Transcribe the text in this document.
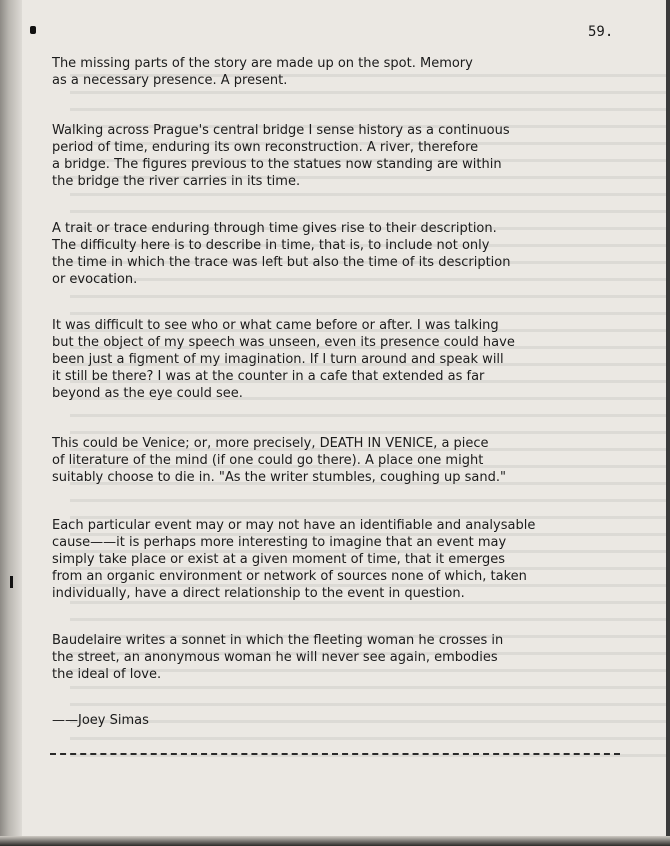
59.

The missing parts of the story are made up on the spot. Memory
as a necessary presence. A present.

Walking across Prague's central bridge I sense history as a continuous
period of time, enduring its own reconstruction. A river, therefore
a bridge. The figures previous to the statues now standing are within
the bridge the river carries in its time.

A trait or trace enduring through time gives rise to their description.
The difficulty here is to describe in time, that is, to include not only
the time in which the trace was left but also the time of its description
or evocation.

It was difficult to see who or what came before or after. I was talking
but the object of my speech was unseen, even its presence could have
been just a figment of my imagination. If I turn around and speak will
it still be there? I was at the counter in a cafe that extended as far
beyond as the eye could see.

This could be Venice; or, more precisely, DEATH IN VENICE, a piece
of literature of the mind (if one could go there). A place one might
suitably choose to die in. "As the writer stumbles, coughing up sand."

Each particular event may or may not have an identifiable and analysable
cause——it is perhaps more interesting to imagine that an event may
simply take place or exist at a given moment of time, that it emerges
from an organic environment or network of sources none of which, taken
individually, have a direct relationship to the event in question.

Baudelaire writes a sonnet in which the fleeting woman he crosses in
the street, an anonymous woman he will never see again, embodies
the ideal of love.

——Joey Simas
